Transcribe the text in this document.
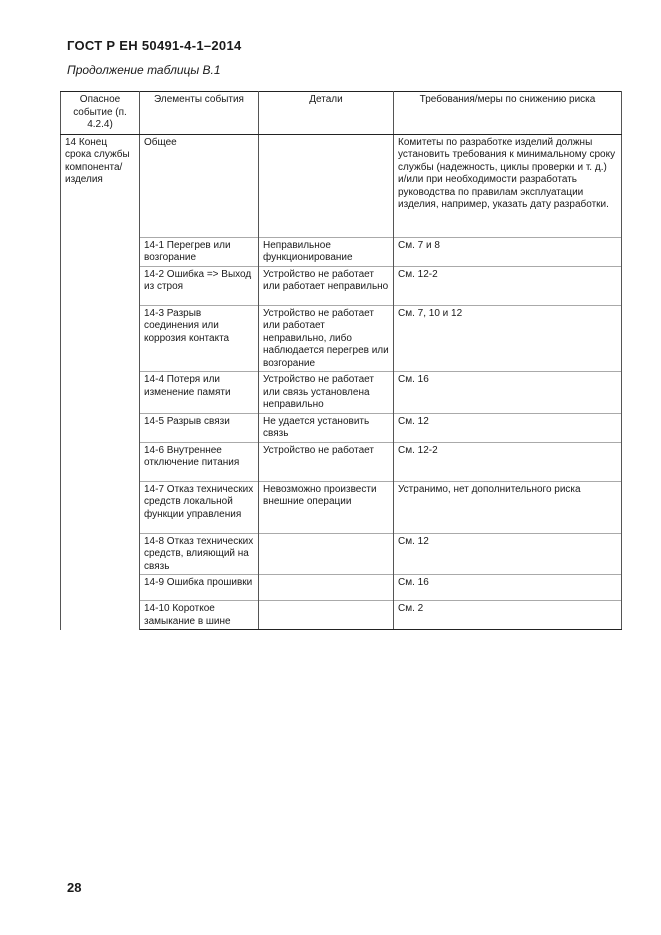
ГОСТ Р ЕН 50491-4-1–2014
Продолжение таблицы В.1
Опасное событие (п. 4.2.4)	Элементы события	Детали	Требования/меры по снижению риска
14 Конец срока службы компонента/ изделия	Общее		Комитеты по разработке изделий должны установить требования к минимальному сроку службы (надежность, циклы проверки и т. д.) и/или при необходимости разработать руководства по правилам эксплуатации изделия, например, указать дату разработки.
	14-1 Перегрев или возгорание	Неправильное функционирование	См. 7 и 8
	14-2 Ошибка => Выход из строя	Устройство не работает или работает неправильно	См. 12-2
	14-3 Разрыв соединения или коррозия контакта	Устройство не работает или работает неправильно, либо наблюдается перегрев или возгорание	См. 7, 10 и 12
	14-4 Потеря или изменение памяти	Устройство не работает или связь установлена неправильно	См. 16
	14-5 Разрыв связи	Не удается установить связь	См. 12
	14-6 Внутреннее отключение питания	Устройство не работает	См. 12-2
	14-7 Отказ технических средств локальной функции управления	Невозможно произвести внешние операции	Устранимо, нет дополнительного риска
	14-8 Отказ технических средств, влияющий на связь		См. 12
	14-9 Ошибка прошивки		См. 16
	14-10 Короткое замыкание в шине		См. 2
28
